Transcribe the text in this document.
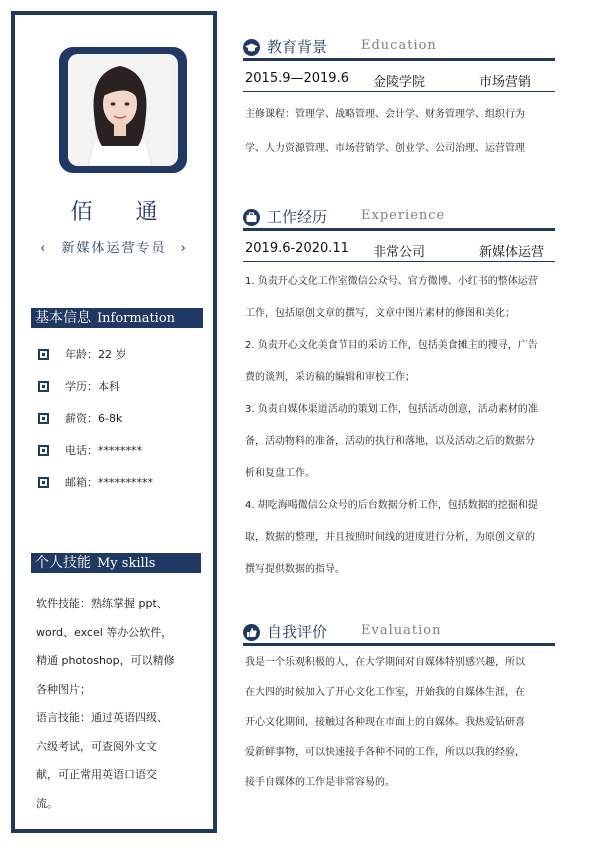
佰 通
‹ 新媒体运营专员 ›
基本信息 Information
年龄：22 岁
学历：本科
薪资：6-8k
电话：********
邮箱：**********
个人技能 My skills

软件技能：熟练掌握 ppt、

word、excel 等办公软件，

精通 photoshop，可以精修

各种图片；

语言技能：通过英语四级、

六级考试，可查阅外文文

献，可正常用英语口语交

流。

教育背景	Education
2015.9—2019.6 金陵学院	市场营销

主修课程：管理学、战略管理、会计学、财务管理学、组织行为

学、人力资源管理、市场营销学、创业学、公司治理、运营管理

工作经历	Experience
2019.6-2020.11 非常公司	新媒体运营

1. 负责开心文化工作室微信公众号、官方微博、小红书的整体运营

工作，包括原创文章的撰写，文章中图片素材的修图和美化；

2. 负责开心文化美食节目的采访工作，包括美食摊主的搜寻，广告

费的谈判，采访稿的编辑和审校工作；

3. 负责自媒体渠道活动的策划工作，包括活动创意，活动素材的准

备，活动物料的准备，活动的执行和落地，以及活动之后的数据分

析和复盘工作。

4. 胡吃海喝微信公众号的后台数据分析工作，包括数据的挖掘和提

取，数据的整理，并且按照时间线的进度进行分析，为原创文章的

撰写提供数据的指导。

自我评价	Evaluation

我是一个乐观积极的人，在大学期间对自媒体特别感兴趣，所以

在大四的时候加入了开心文化工作室，开始我的自媒体生涯，在

开心文化期间，接触过各种现在市面上的自媒体。我热爱钻研喜

爱新鲜事物，可以快速接手各种不同的工作，所以以我的经验，

接手自媒体的工作是非常容易的。
